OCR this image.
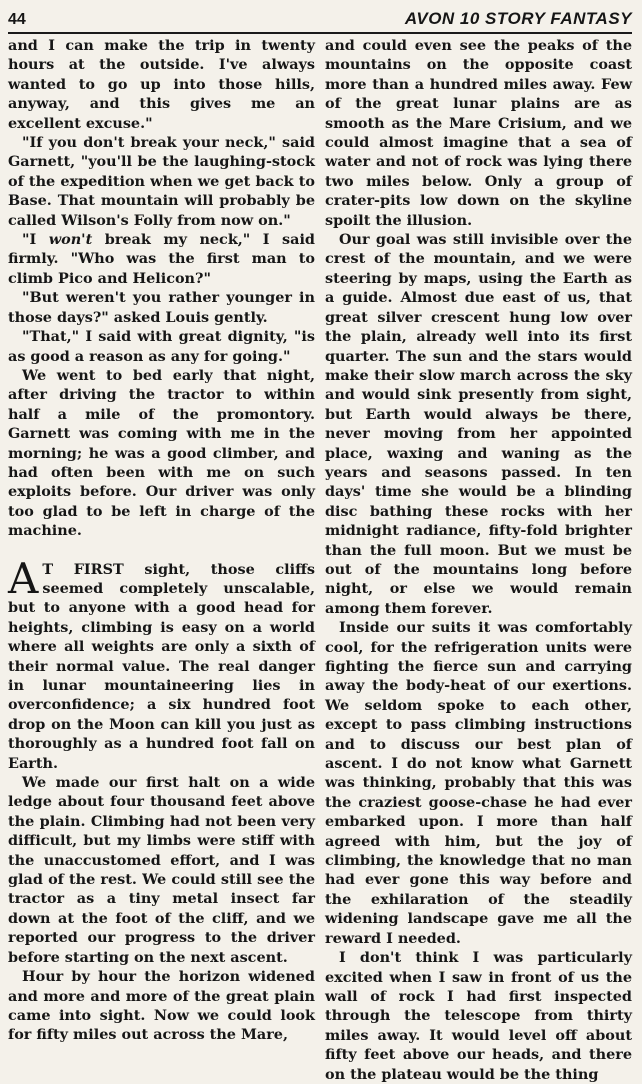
44	AVON 10 STORY FANTASY

and I can make the trip in twenty hours at the outside. I've always wanted to go up into those hills, anyway, and this gives me an excellent excuse."

"If you don't break your neck," said Garnett, "you'll be the laughing-stock of the expedition when we get back to Base. That mountain will probably be called Wilson's Folly from now on."

"I won't break my neck," I said firmly. "Who was the first man to climb Pico and Helicon?"

"But weren't you rather younger in those days?" asked Louis gently.

"That," I said with great dignity, "is as good a reason as any for going."

We went to bed early that night, after driving the tractor to within half a mile of the promontory. Garnett was coming with me in the morning; he was a good climber, and had often been with me on such exploits before. Our driver was only too glad to be left in charge of the machine.

A T FIRST sight, those cliffs seemed completely unscalable, but to anyone with a good head for heights, climbing is easy on a world where all weights are only a sixth of their normal value. The real danger in lunar mountaineering lies in overconfidence; a six hundred foot drop on the Moon can kill you just as thoroughly as a hundred foot fall on Earth.

We made our first halt on a wide ledge about four thousand feet above the plain. Climbing had not been very difficult, but my limbs were stiff with the unaccustomed effort, and I was glad of the rest. We could still see the tractor as a tiny metal insect far down at the foot of the cliff, and we reported our progress to the driver before starting on the next ascent.

Hour by hour the horizon widened and more and more of the great plain came into sight. Now we could look for fifty miles out across the Mare,

and could even see the peaks of the mountains on the opposite coast more than a hundred miles away. Few of the great lunar plains are as smooth as the Mare Crisium, and we could almost imagine that a sea of water and not of rock was lying there two miles below. Only a group of crater-pits low down on the skyline spoilt the illusion.

Our goal was still invisible over the crest of the mountain, and we were steering by maps, using the Earth as a guide. Almost due east of us, that great silver crescent hung low over the plain, already well into its first quarter. The sun and the stars would make their slow march across the sky and would sink presently from sight, but Earth would always be there, never moving from her appointed place, waxing and waning as the years and seasons passed. In ten days' time she would be a blinding disc bathing these rocks with her midnight radiance, fifty-fold brighter than the full moon. But we must be out of the mountains long before night, or else we would remain among them forever.

Inside our suits it was comfortably cool, for the refrigeration units were fighting the fierce sun and carrying away the body-heat of our exertions. We seldom spoke to each other, except to pass climbing instructions and to discuss our best plan of ascent. I do not know what Garnett was thinking, probably that this was the craziest goose-chase he had ever embarked upon. I more than half agreed with him, but the joy of climbing, the knowledge that no man had ever gone this way before and the exhilaration of the steadily widening landscape gave me all the reward I needed.

I don't think I was particularly excited when I saw in front of us the wall of rock I had first inspected through the telescope from thirty miles away. It would level off about fifty feet above our heads, and there on the plateau would be the thing
